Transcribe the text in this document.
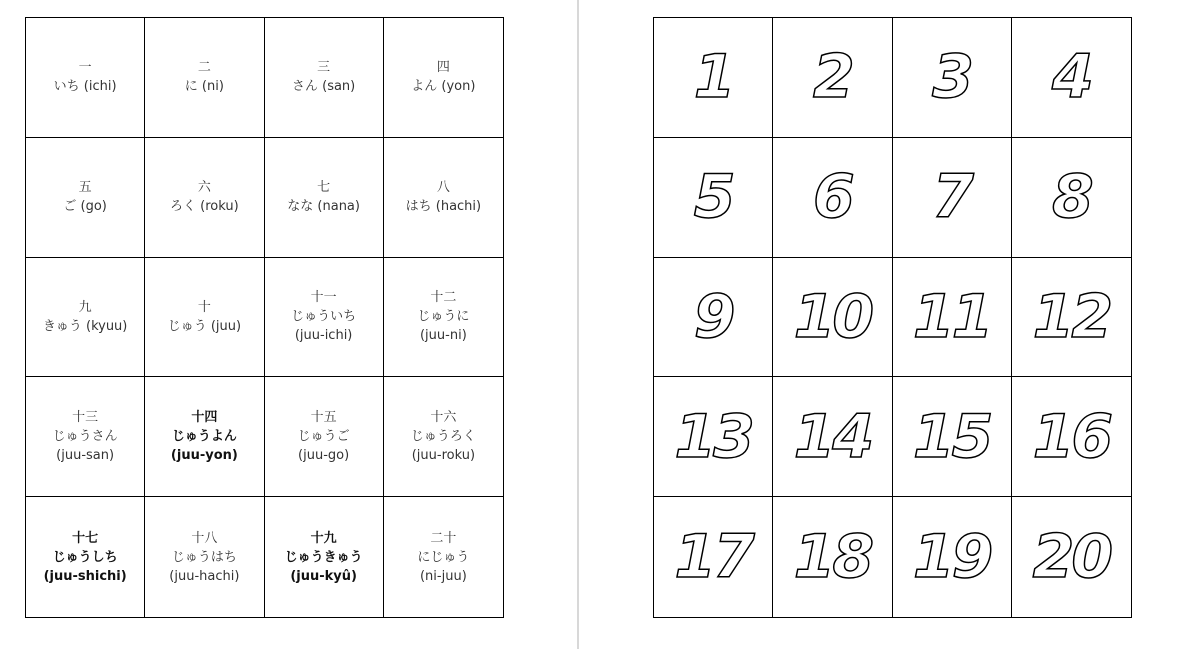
一
いち (ichi)
二
に (ni)
三
さん (san)
四
よん (yon)
五
ご (go)
六
ろく (roku)
七
なな (nana)
八
はち (hachi)
九
きゅう (kyuu)
十
じゅう (juu)
十一
じゅういち
(juu-ichi)
十二
じゅうに
(juu-ni)
十三
じゅうさん
(juu-san)
十四
じゅうよん
(juu-yon)
十五
じゅうご
(juu-go)
十六
じゅうろく
(juu-roku)
十七
じゅうしち
(juu-shichi)
十八
じゅうはち
(juu-hachi)
十九
じゅうきゅう
(juu-kyû)
二十
にじゅう
(ni-juu)
1 2 3 4
5 6 7 8
9 10 11 12
13 14 15 16
17 18 19 20
